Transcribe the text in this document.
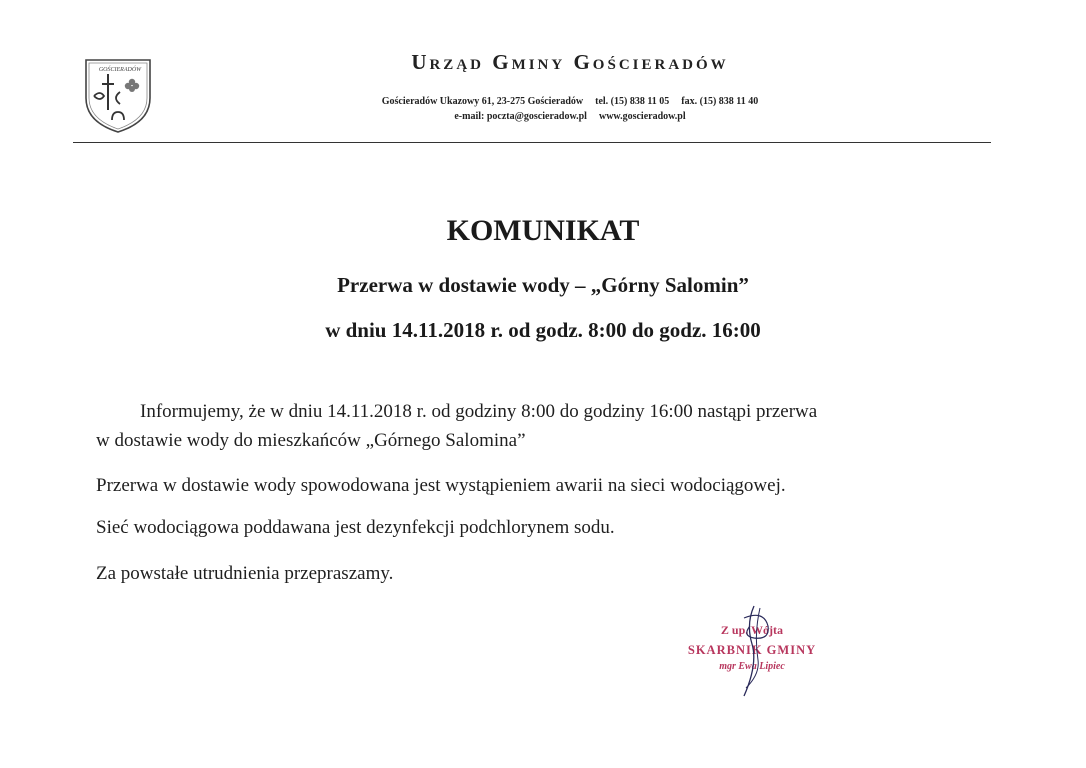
GOŚCIERADÓW	Urząd Gminy Gościeradów
Gościeradów Ukazowy 61, 23-275 Gościeradów tel. (15) 838 11 05 fax. (15) 838 11 40
e-mail: poczta@goscieradow.pl www.goscieradow.pl
KOMUNIKAT
Przerwa w dostawie wody – „Górny Salomin”
w dniu 14.11.2018 r. od godz. 8:00 do godz. 16:00

Informujemy, że w dniu 14.11.2018 r. od godziny 8:00 do godziny 16:00 nastąpi przerwa

w dostawie wody do mieszkańców „Górnego Salomina”

Przerwa w dostawie wody spowodowana jest wystąpieniem awarii na sieci wodociągowej.

Sieć wodociągowa poddawana jest dezynfekcji podchlorynem sodu.

Za powstałe utrudnienia przepraszamy.

Z up. Wójta
SKARBNIK GMINY
mgr Ewa Lipiec
